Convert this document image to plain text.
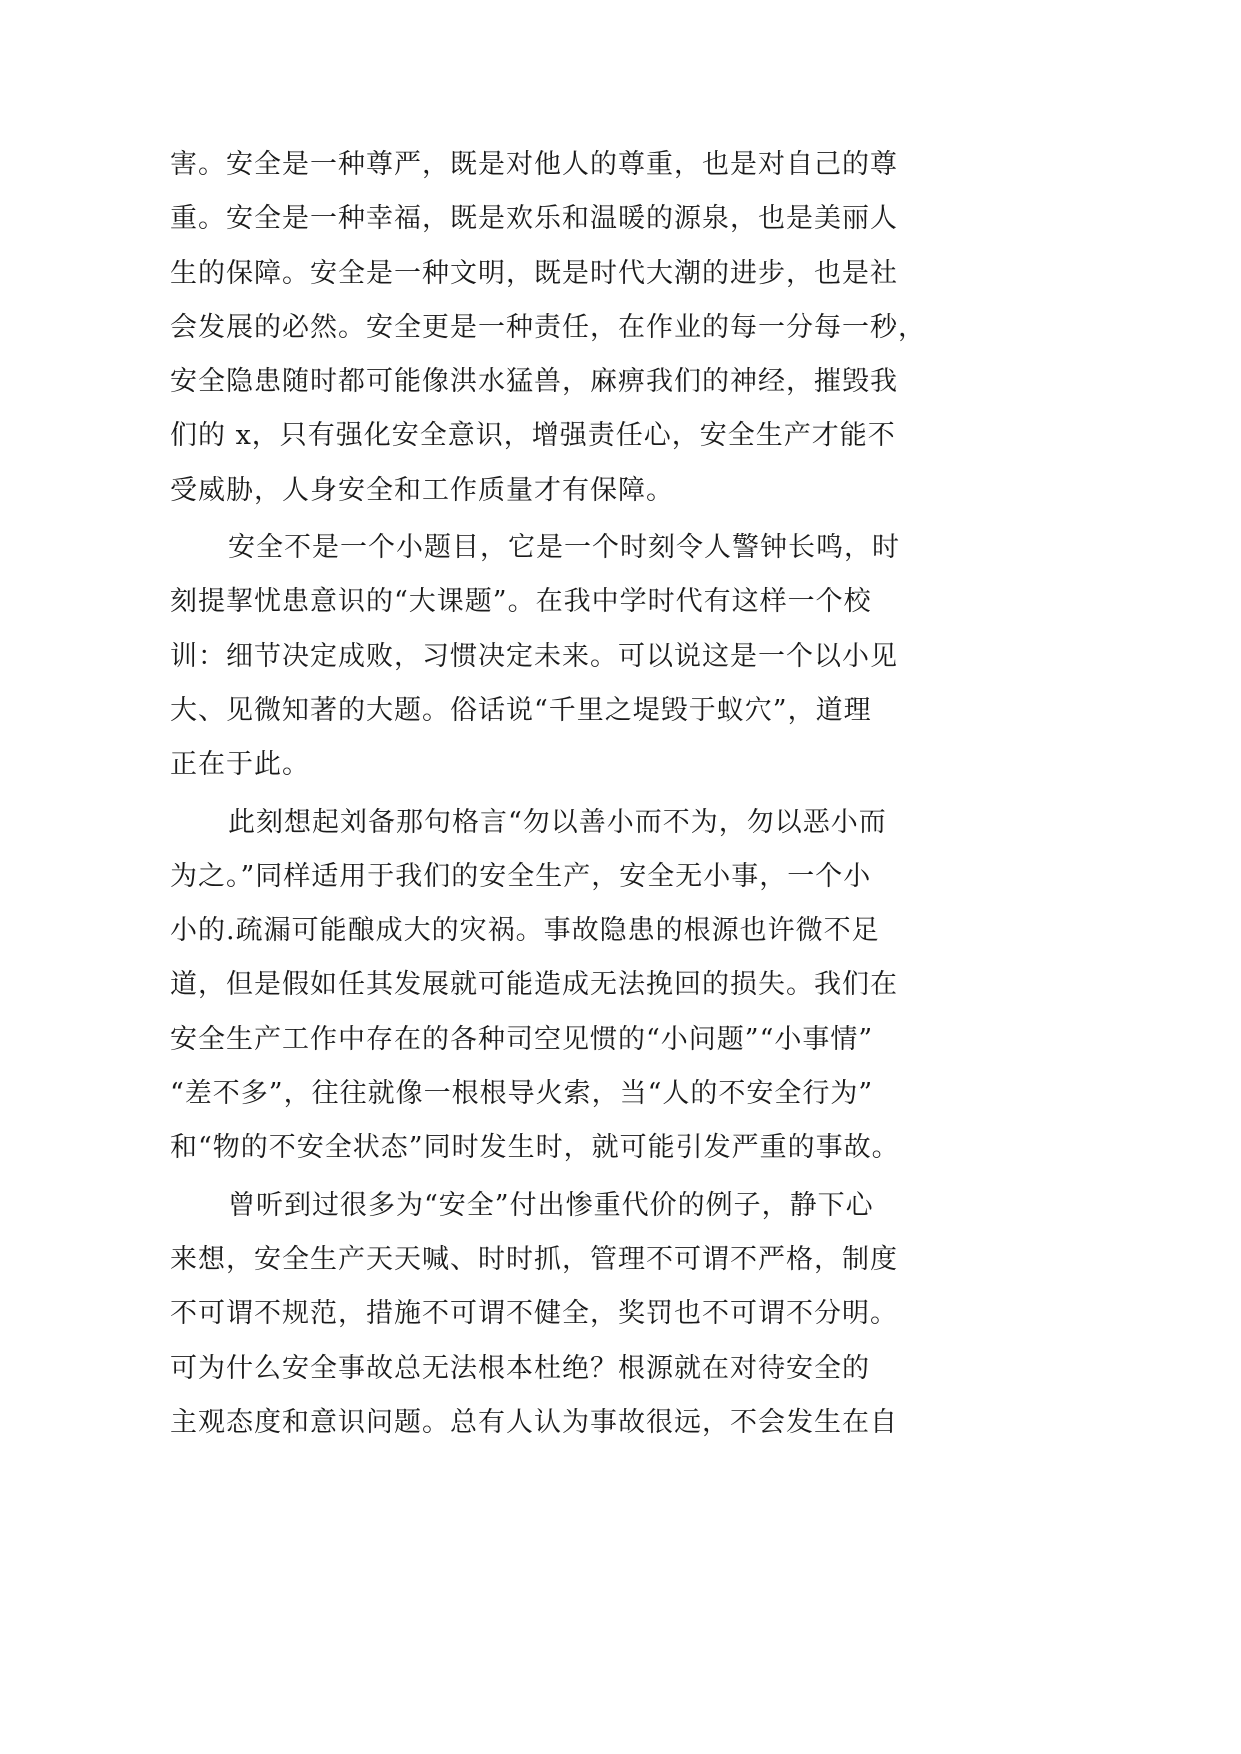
害。安全是一种尊严，既是对他人的尊重，也是对自己的尊
重。安全是一种幸福，既是欢乐和温暖的源泉，也是美丽人
生的保障。安全是一种文明，既是时代大潮的进步，也是社
会发展的必然。安全更是一种责任，在作业的每一分每一秒，
安全隐患随时都可能像洪水猛兽，麻痹我们的神经，摧毁我
们的 x，只有强化安全意识，增强责任心，安全生产才能不
受威胁，人身安全和工作质量才有保障。
安全不是一个小题目，它是一个时刻令人警钟长鸣，时
刻提挈忧患意识的“大课题”。在我中学时代有这样一个校
训：细节决定成败，习惯决定未来。可以说这是一个以小见
大、见微知著的大题。俗话说“千里之堤毁于蚁穴”，道理
正在于此。
此刻想起刘备那句格言“勿以善小而不为，勿以恶小而
为之。”同样适用于我们的安全生产，安全无小事，一个小
小的.疏漏可能酿成大的灾祸。事故隐患的根源也许微不足
道，但是假如任其发展就可能造成无法挽回的损失。我们在
安全生产工作中存在的各种司空见惯的“小问题”“小事情”
“差不多”，往往就像一根根导火索，当“人的不安全行为”
和“物的不安全状态”同时发生时，就可能引发严重的事故。
曾听到过很多为“安全”付出惨重代价的例子，静下心
来想，安全生产天天喊、时时抓，管理不可谓不严格，制度
不可谓不规范，措施不可谓不健全，奖罚也不可谓不分明。
可为什么安全事故总无法根本杜绝？根源就在对待安全的
主观态度和意识问题。总有人认为事故很远，不会发生在自
